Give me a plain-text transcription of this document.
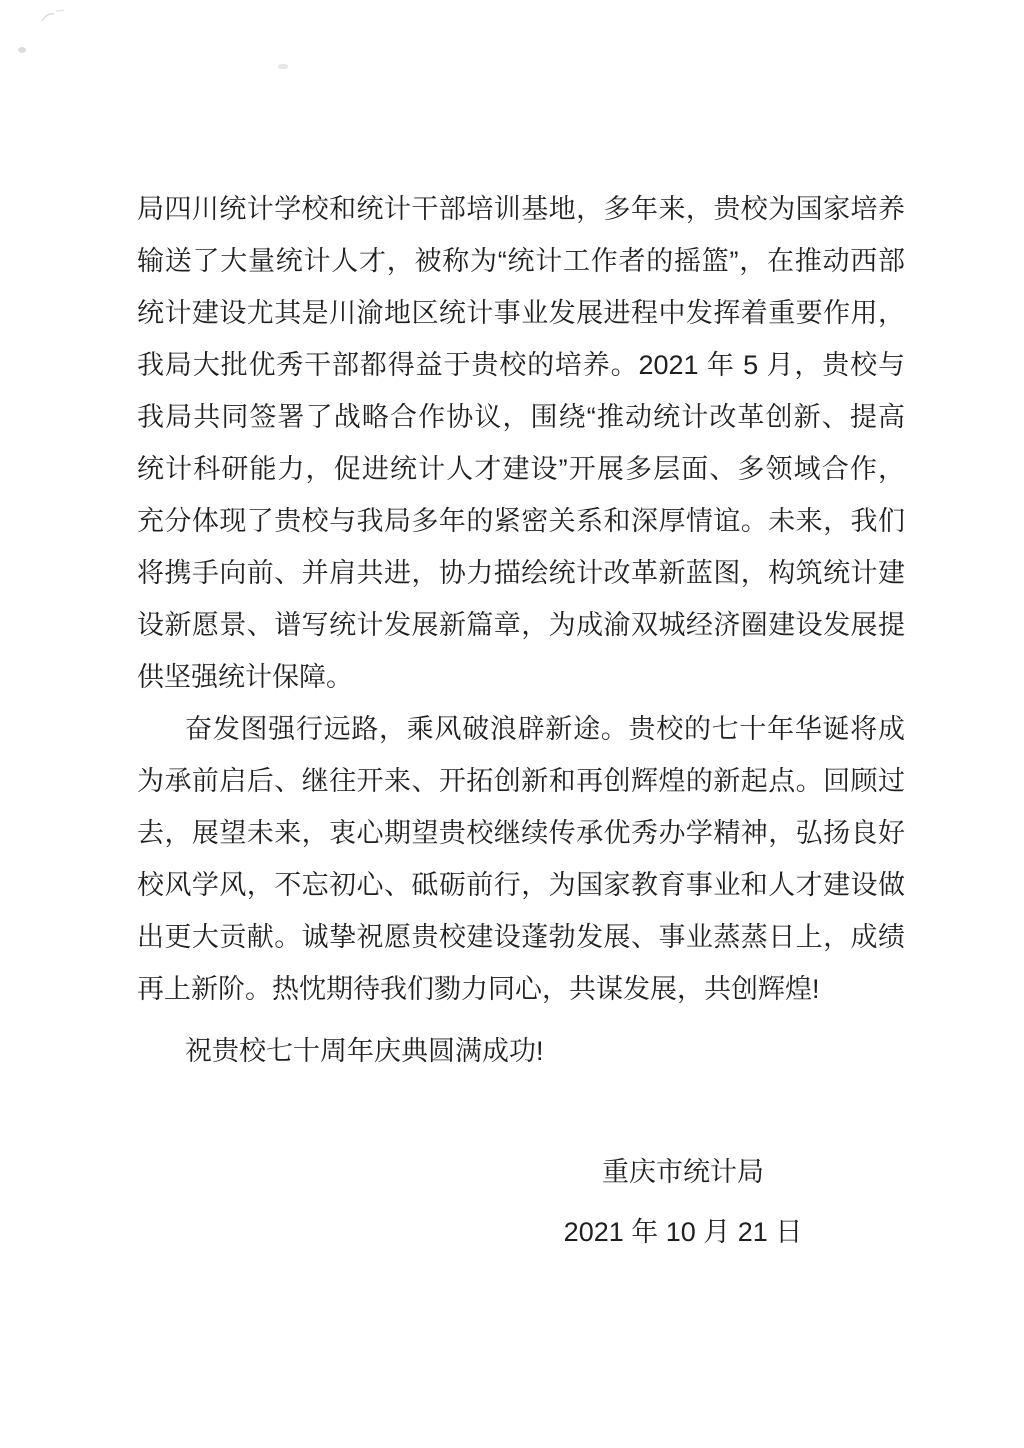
局四川统计学校和统计干部培训基地，多年来，贵校为国家培养
输送了大量统计人才，被称为“统计工作者的摇篮”，在推动西部
统计建设尤其是川渝地区统计事业发展进程中发挥着重要作用，
我局大批优秀干部都得益于贵校的培养。2021 年 5 月，贵校与
我局共同签署了战略合作协议，围绕“推动统计改革创新、提高
统计科研能力，促进统计人才建设”开展多层面、多领域合作，
充分体现了贵校与我局多年的紧密关系和深厚情谊。未来，我们
将携手向前、并肩共进，协力描绘统计改革新蓝图，构筑统计建
设新愿景、谱写统计发展新篇章，为成渝双城经济圈建设发展提
供坚强统计保障。
奋发图强行远路，乘风破浪辟新途。贵校的七十年华诞将成
为承前启后、继往开来、开拓创新和再创辉煌的新起点。回顾过
去，展望未来，衷心期望贵校继续传承优秀办学精神，弘扬良好
校风学风，不忘初心、砥砺前行，为国家教育事业和人才建设做
出更大贡献。诚挚祝愿贵校建设蓬勃发展、事业蒸蒸日上，成绩
再上新阶。热忱期待我们勠力同心，共谋发展，共创辉煌!
祝贵校七十周年庆典圆满成功!
重庆市统计局
2021 年 10 月 21 日
